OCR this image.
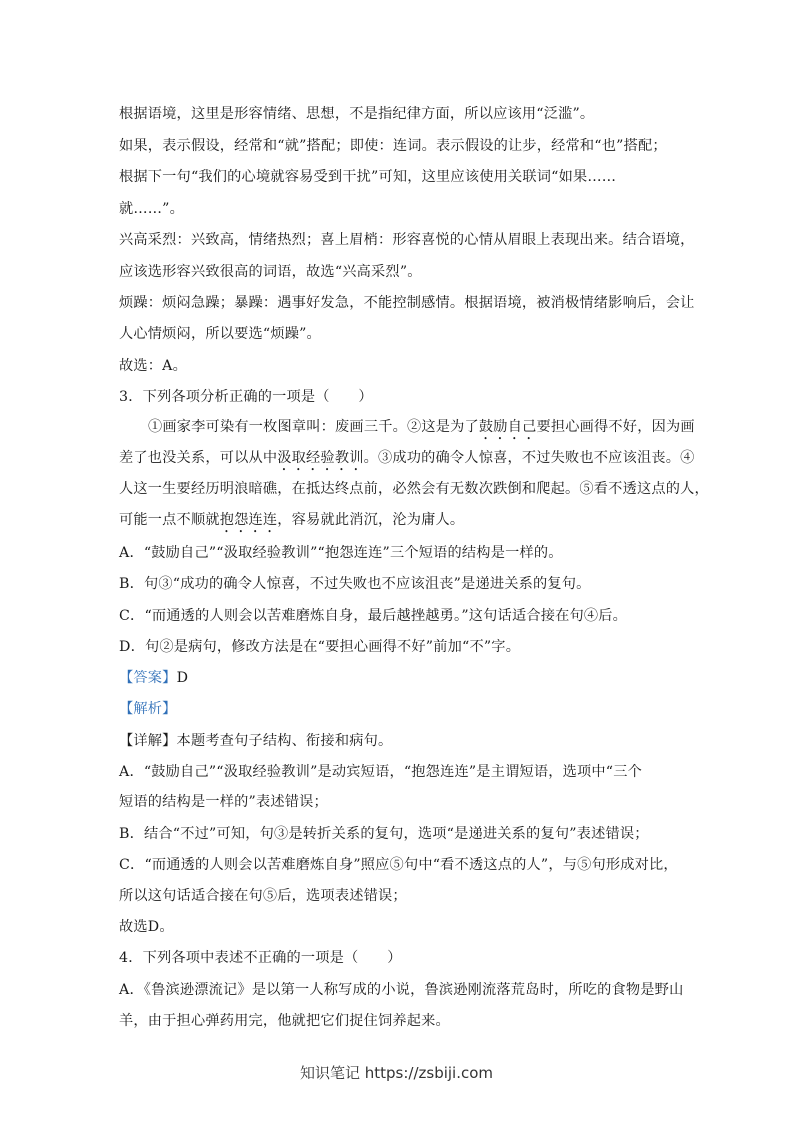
根据语境，这里是形容情绪、思想，不是指纪律方面，所以应该用“泛滥”。
如果，表示假设，经常和“就”搭配；即使：连词。表示假设的让步，经常和“也”搭配；
根据下一句“我们的心境就容易受到干扰”可知，这里应该使用关联词“如果……
就……”。
兴高采烈：兴致高，情绪热烈；喜上眉梢：形容喜悦的心情从眉眼上表现出来。结合语境，
应该选形容兴致很高的词语，故选“兴高采烈”。
烦躁：烦闷急躁；暴躁：遇事好发急，不能控制感情。根据语境，被消极情绪影响后，会让
人心情烦闷，所以要选“烦躁”。
故选：A。
3．下列各项分析正确的一项是（　　）
①画家李可染有一枚图章叫：废画三千。②这是为了鼓励自己要担心画得不好，因为画
差了也没关系，可以从中汲取经验教训。③成功的确令人惊喜，不过失败也不应该沮丧。④
人这一生要经历明浪暗礁，在抵达终点前，必然会有无数次跌倒和爬起。⑤看不透这点的人，
可能一点不顺就抱怨连连，容易就此消沉，沦为庸人。
A．“鼓励自己”“汲取经验教训”“抱怨连连”三个短语的结构是一样的。
B．句③“成功的确令人惊喜，不过失败也不应该沮丧”是递进关系的复句。
C．“而通透的人则会以苦难磨炼自身，最后越挫越勇。”这句话适合接在句④后。
D．句②是病句，修改方法是在“要担心画得不好”前加“不”字。
【答案】D
【解析】
【详解】本题考查句子结构、衔接和病句。
A．“鼓励自己”“汲取经验教训”是动宾短语，“抱怨连连”是主谓短语，选项中“三个
短语的结构是一样的”表述错误；
B．结合“不过”可知，句③是转折关系的复句，选项“是递进关系的复句”表述错误；
C．“而通透的人则会以苦难磨炼自身”照应⑤句中“看不透这点的人”，与⑤句形成对比，
所以这句话适合接在句⑤后，选项表述错误；
故选D。
4．下列各项中表述不正确的一项是（　　）
A．《鲁滨逊漂流记》是以第一人称写成的小说，鲁滨逊刚流落荒岛时，所吃的食物是野山
羊，由于担心弹药用完，他就把它们捉住饲养起来。
知识笔记 https://zsbiji.com
